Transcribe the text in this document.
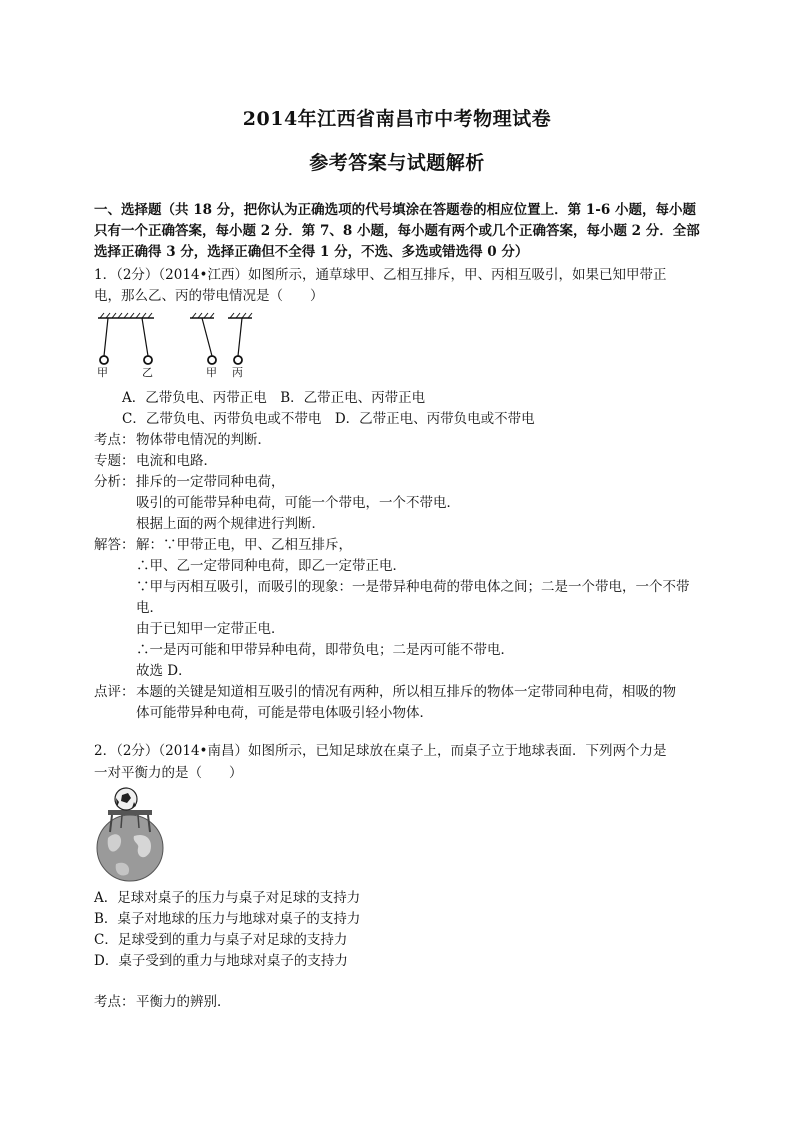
2014年江西省南昌市中考物理试卷
参考答案与试题解析
一、选择题（共 18 分，把你认为正确选项的代号填涂在答题卷的相应位置上．第 1-6 小题，每小题
只有一个正确答案，每小题 2 分．第 7、8 小题，每小题有两个或几个正确答案，每小题 2 分．全部
选择正确得 3 分，选择正确但不全得 1 分，不选、多选或错选得 0 分）
1．（2分）（2014•江西）如图所示，通草球甲、乙相互排斥，甲、丙相互吸引，如果已知甲带正
电，那么乙、丙的带电情况是（　　）
甲	乙	甲 丙
A．乙带负电、丙带正电　B．乙带正电、丙带正电
C．乙带负电、丙带负电或不带电　D．乙带正电、丙带负电或不带电
考点： 物体带电情况的判断．
专题： 电流和电路．
分析： 排斥的一定带同种电荷，
吸引的可能带异种电荷，可能一个带电，一个不带电．
根据上面的两个规律进行判断．
解答： 解：∵甲带正电，甲、乙相互排斥，
∴甲、乙一定带同种电荷，即乙一定带正电．
∵甲与丙相互吸引，而吸引的现象：一是带异种电荷的带电体之间；二是一个带电，一个不带
电．
由于已知甲一定带正电．
∴一是丙可能和甲带异种电荷，即带负电；二是丙可能不带电．
故选 D．
点评： 本题的关键是知道相互吸引的情况有两种，所以相互排斥的物体一定带同种电荷，相吸的物
体可能带异种电荷，可能是带电体吸引轻小物体．
2．（2分）（2014•南昌）如图所示，已知足球放在桌子上，而桌子立于地球表面．下列两个力是
一对平衡力的是（　　）
A．足球对桌子的压力与桌子对足球的支持力
B．桌子对地球的压力与地球对桌子的支持力
C．足球受到的重力与桌子对足球的支持力
D．桌子受到的重力与地球对桌子的支持力
考点： 平衡力的辨别．
